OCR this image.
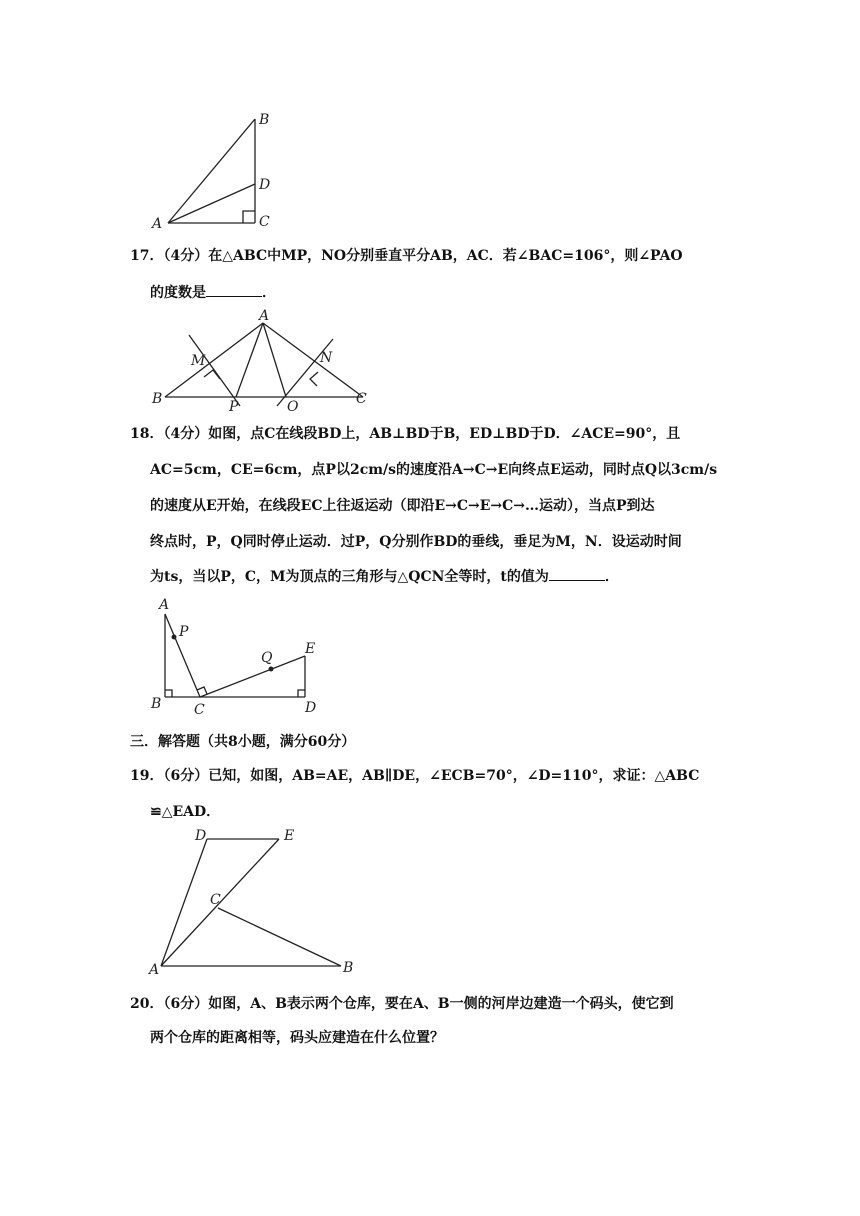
A
B
D
C
17．（4分）在△ABC中MP，NO分别垂直平分AB，AC．若∠BAC=106°，则∠PAO
的度数是	．
A
B	C
M	N
P	O
18．（4分）如图，点C在线段BD上，AB⊥BD于B，ED⊥BD于D．∠ACE=90°，且
AC=5cm，CE=6cm，点P以2cm/s的速度沿A→C→E向终点E运动，同时点Q以3cm/s
的速度从E开始，在线段EC上往返运动（即沿E→C→E→C→…运动），当点P到达
终点时，P，Q同时停止运动．过P，Q分别作BD的垂线，垂足为M，N．设运动时间
为ts，当以P，C，M为顶点的三角形与△QCN全等时，t的值为	．
A
P
Q
E
B C	D
三．解答题（共8小题，满分60分）
19．（6分）已知，如图，AB=AE，AB∥DE，∠ECB=70°，∠D=110°，求证：△ABC
≌△EAD．
D	E
C
A	B
20．（6分）如图，A、B表示两个仓库，要在A、B一侧的河岸边建造一个码头，使它到
两个仓库的距离相等，码头应建造在什么位置？
